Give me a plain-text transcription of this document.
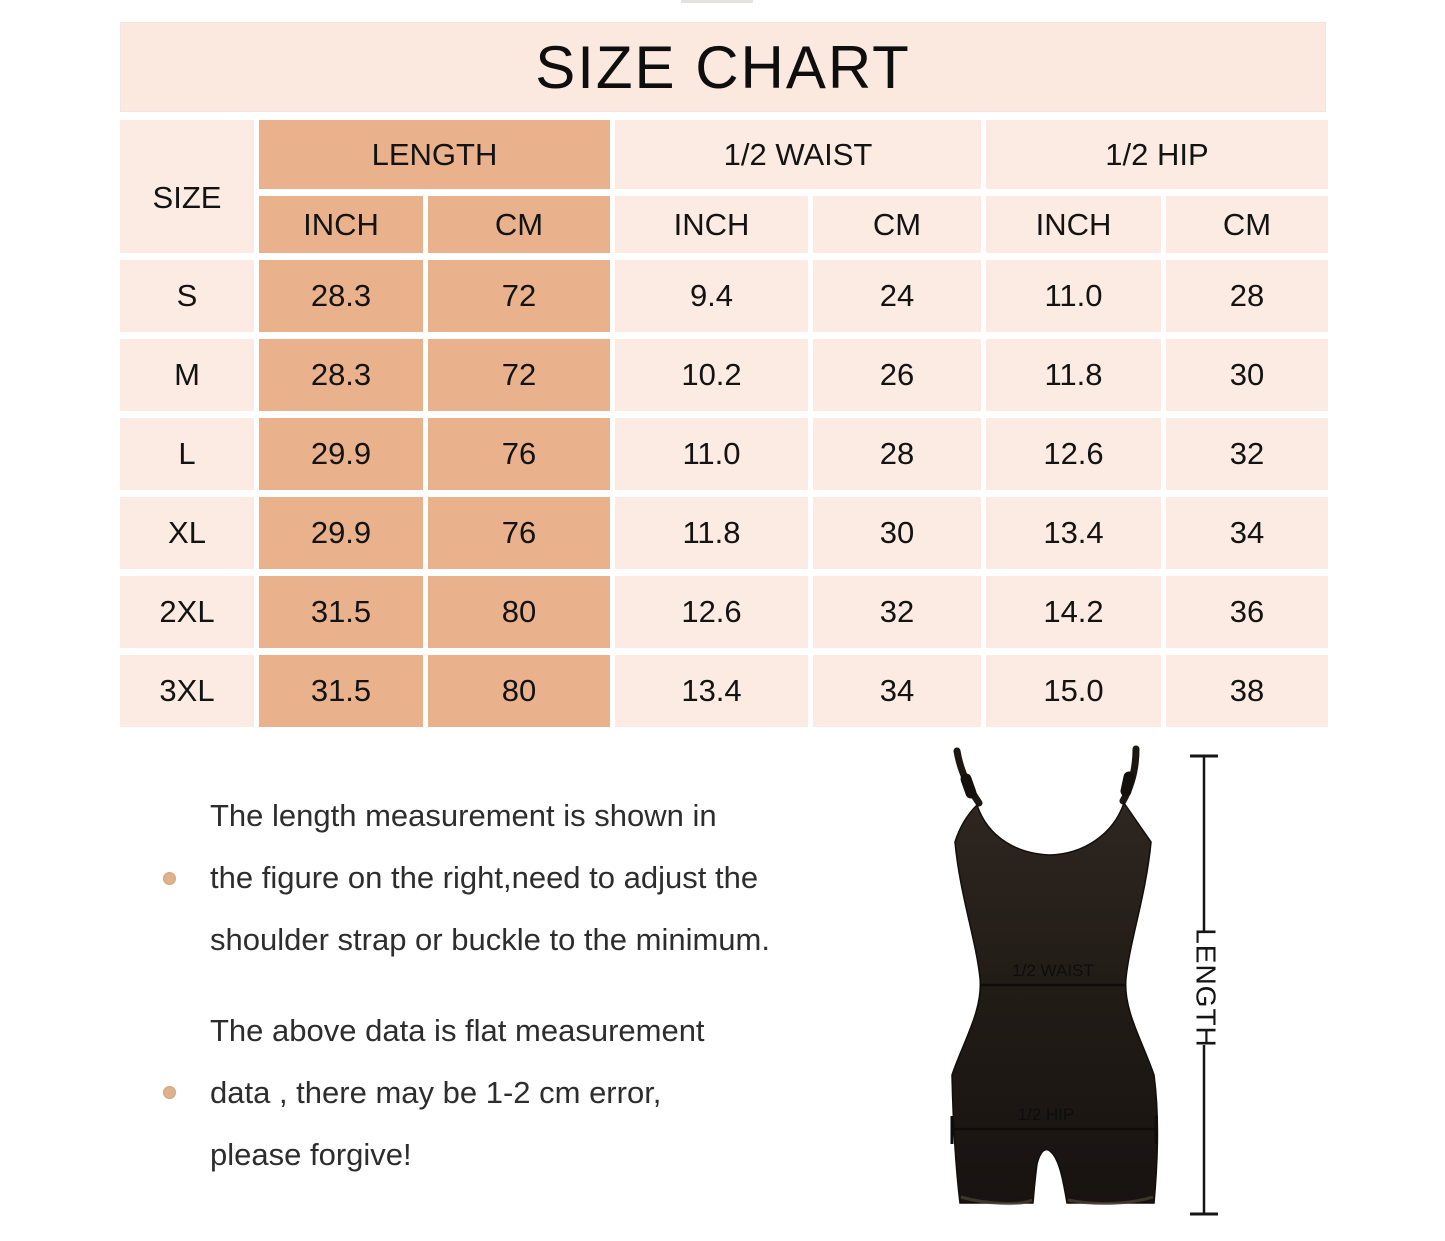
SIZE CHART
SIZE
LENGTH	1/2 WAIST	1/2 HIP
INCH	CM	INCH	CM	INCH	CM
S	28.3	72	9.4	24	11.0	28
M	28.3	72	10.2	26	11.8	30
L	29.9	76	11.0	28	12.6	32
XL	29.9	76	11.8	30	13.4	34
2XL	31.5	80	12.6	32	14.2	36
3XL	31.5	80	13.4	34	15.0	38
The length measurement is shown in
the figure on the right,need to adjust the
shoulder strap or buckle to the minimum.
The above data is flat measurement
data , there may be 1-2 cm error,
please forgive!
1/2 WAIST
1/2 HIP
LENGTH
